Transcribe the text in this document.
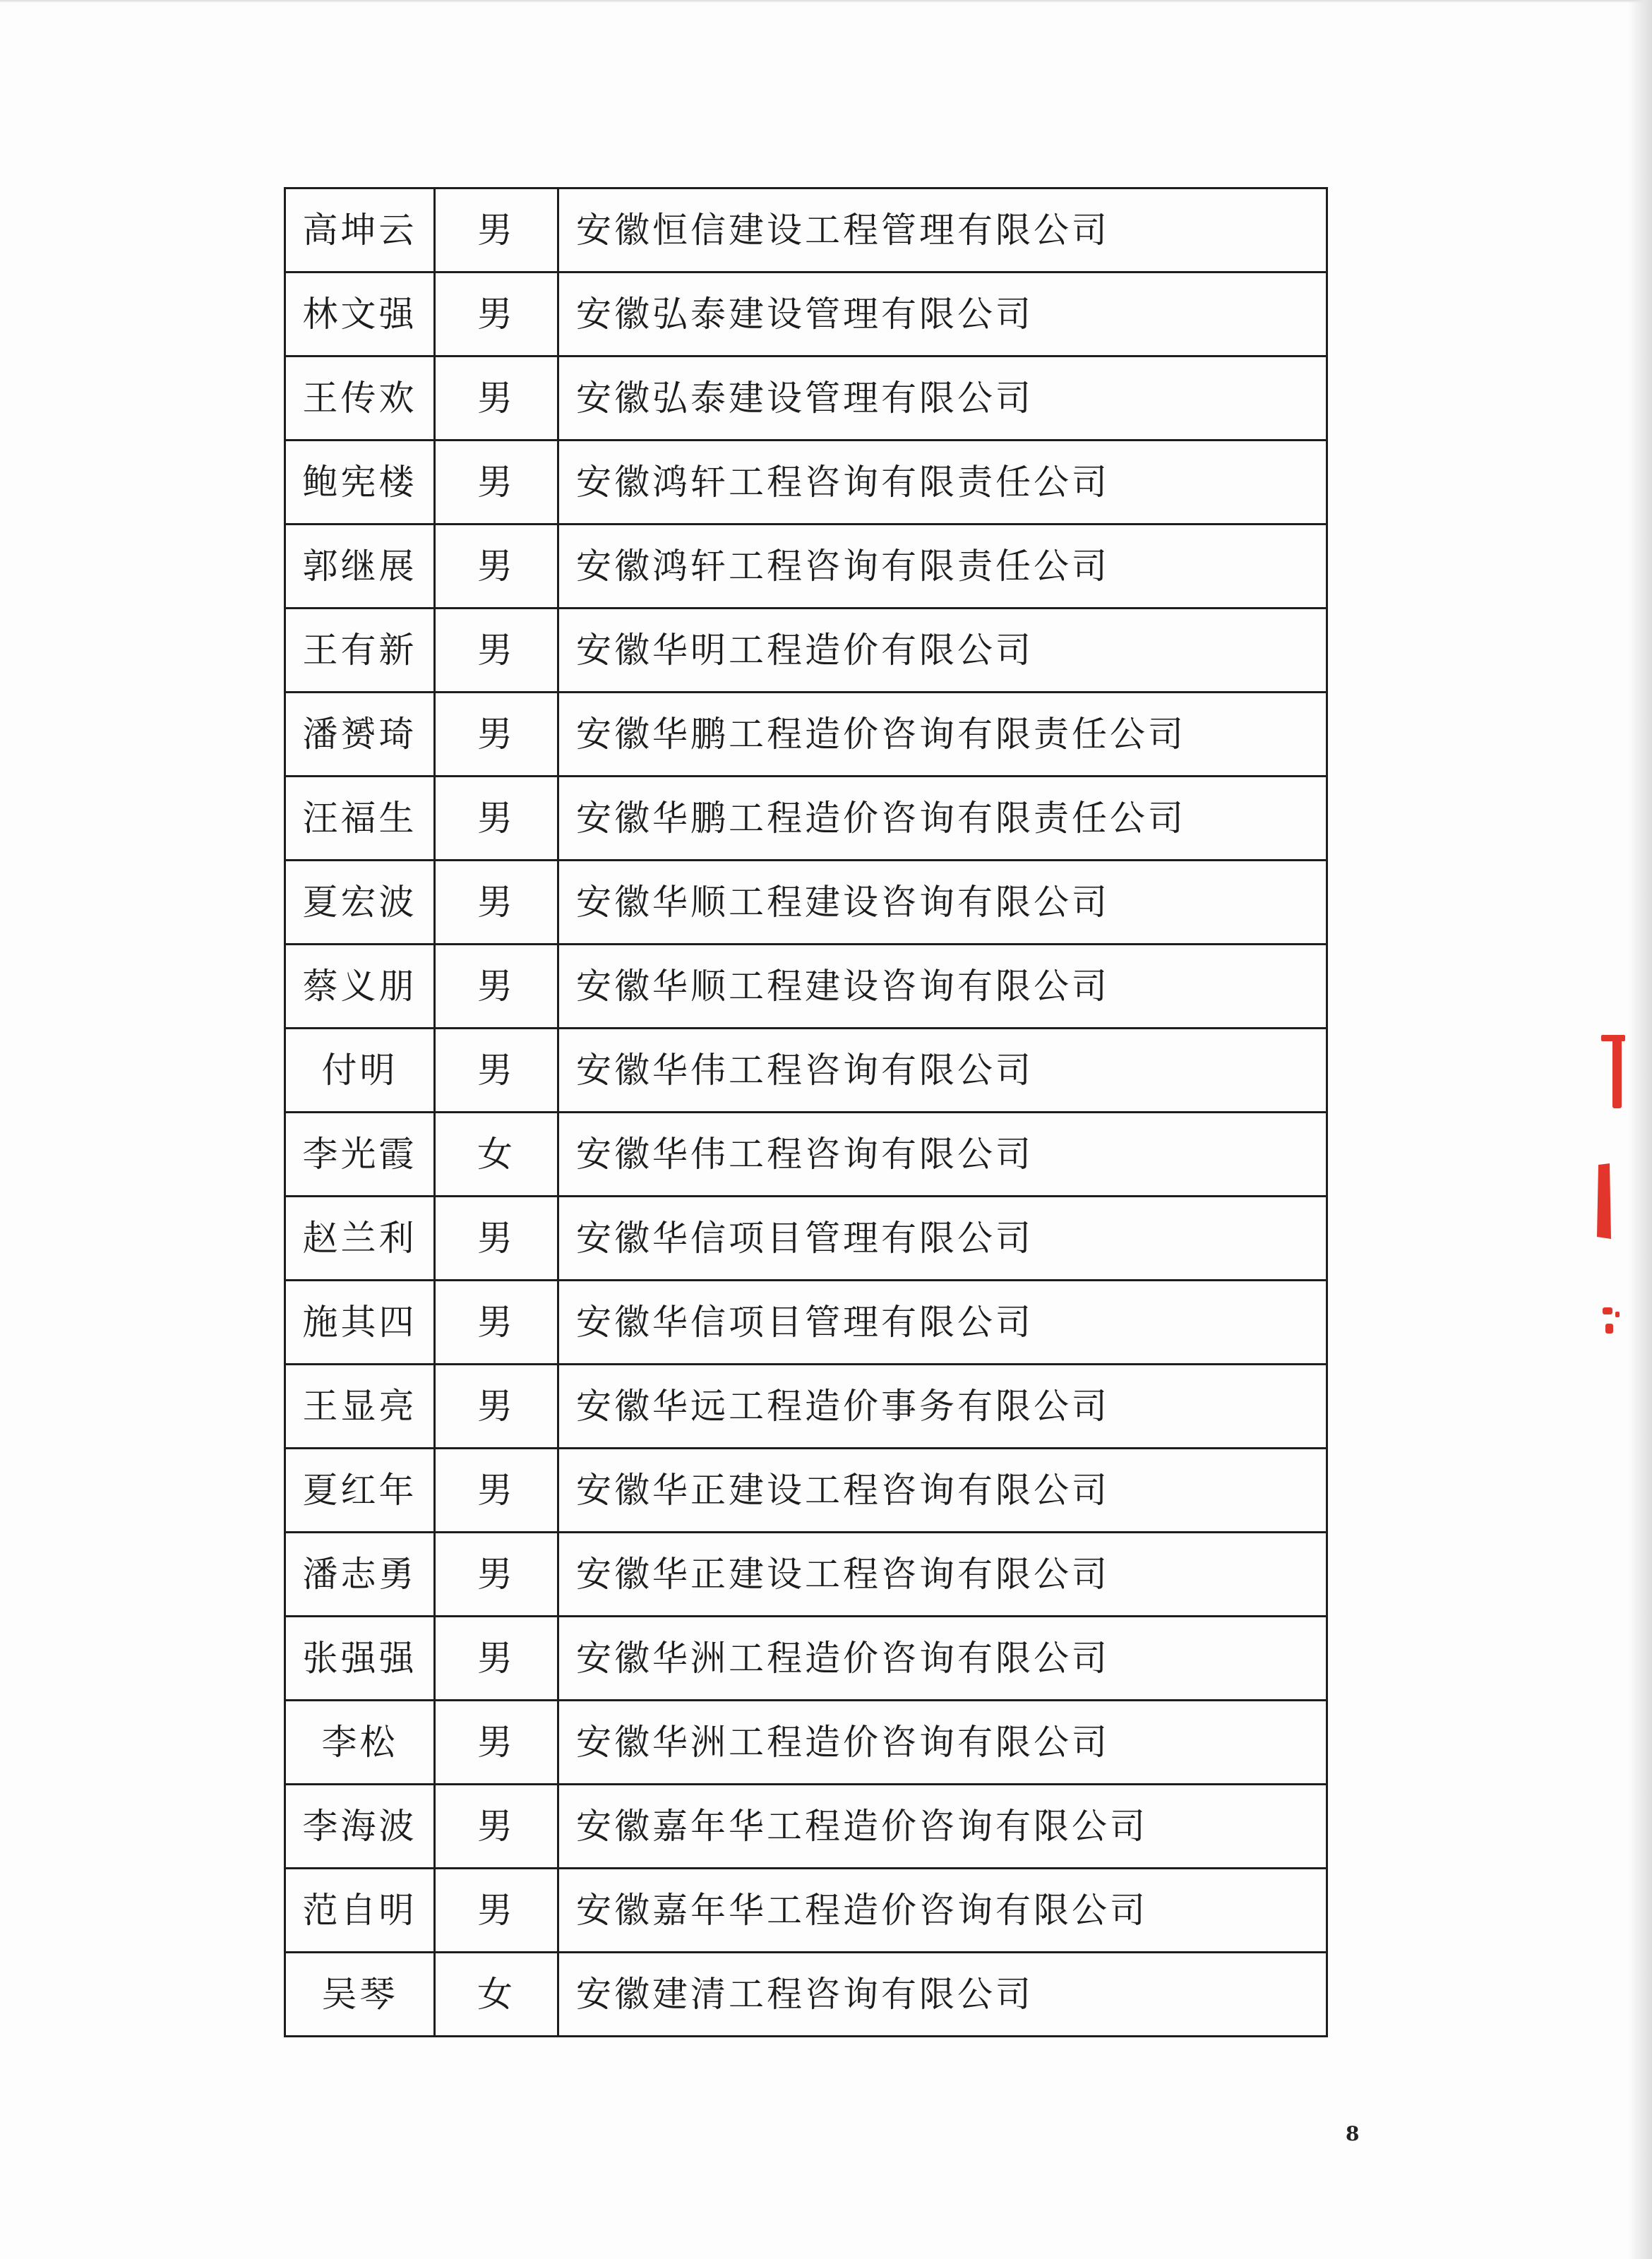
高坤云	男	安徽恒信建设工程管理有限公司
林文强	男	安徽弘泰建设管理有限公司
王传欢	男	安徽弘泰建设管理有限公司
鲍宪楼	男	安徽鸿轩工程咨询有限责任公司
郭继展	男	安徽鸿轩工程咨询有限责任公司
王有新	男	安徽华明工程造价有限公司
潘赟琦	男	安徽华鹏工程造价咨询有限责任公司
汪福生	男	安徽华鹏工程造价咨询有限责任公司
夏宏波	男	安徽华顺工程建设咨询有限公司
蔡义朋	男	安徽华顺工程建设咨询有限公司
付明	男	安徽华伟工程咨询有限公司
李光霞	女	安徽华伟工程咨询有限公司
赵兰利	男	安徽华信项目管理有限公司
施其四	男	安徽华信项目管理有限公司
王显亮	男	安徽华远工程造价事务有限公司
夏红年	男	安徽华正建设工程咨询有限公司
潘志勇	男	安徽华正建设工程咨询有限公司
张强强	男	安徽华洲工程造价咨询有限公司
李松	男	安徽华洲工程造价咨询有限公司
李海波	男	安徽嘉年华工程造价咨询有限公司
范自明	男	安徽嘉年华工程造价咨询有限公司
吴琴	女	安徽建清工程咨询有限公司
8
